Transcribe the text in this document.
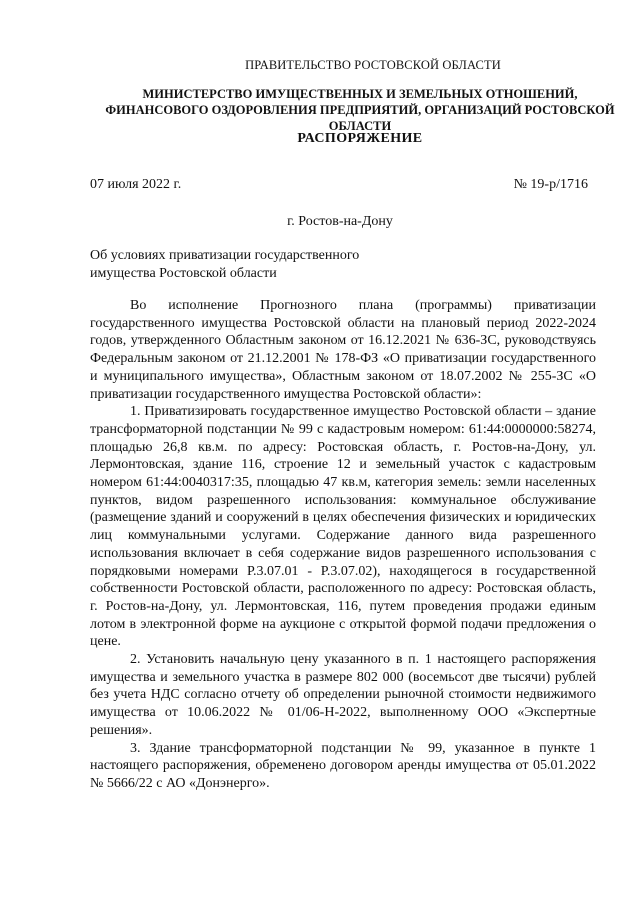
ПРАВИТЕЛЬСТВО РОСТОВСКОЙ ОБЛАСТИ
МИНИСТЕРСТВО ИМУЩЕСТВЕННЫХ И ЗЕМЕЛЬНЫХ ОТНОШЕНИЙ, ФИНАНСОВОГО ОЗДОРОВЛЕНИЯ ПРЕДПРИЯТИЙ, ОРГАНИЗАЦИЙ РОСТОВСКОЙ ОБЛАСТИ
РАСПОРЯЖЕНИЕ
07 июля 2022 г.	№ 19-р/1716
г. Ростов-на-Дону
Об условиях приватизации государственного имущества Ростовской области

Во исполнение Прогнозного плана (программы) приватизации государственного имущества Ростовской области на плановый период 2022-2024 годов, утвержденного Областным законом от 16.12.2021 № 636-ЗС, руководствуясь Федеральным законом от 21.12.2001 № 178-ФЗ «О приватизации государственного и муниципального имущества», Областным законом от 18.07.2002 № 255-ЗС «О приватизации государственного имущества Ростовской области»:

1. Приватизировать государственное имущество Ростовской области – здание трансформаторной подстанции № 99 с кадастровым номером: 61:44:0000000:58274, площадью 26,8 кв.м. по адресу: Ростовская область, г. Ростов-на-Дону, ул. Лермонтовская, здание 116, строение 12 и земельный участок с кадастровым номером 61:44:0040317:35, площадью 47 кв.м, категория земель: земли населенных пунктов, видом разрешенного использования: коммунальное обслуживание (размещение зданий и сооружений в целях обеспечения физических и юридических лиц коммунальными услугами. Содержание данного вида разрешенного использования включает в себя содержание видов разрешенного использования с порядковыми номерами Р.3.07.01 - Р.3.07.02), находящегося в государственной собственности Ростовской области, расположенного по адресу: Ростовская область, г. Ростов-на-Дону, ул. Лермонтовская, 116, путем проведения продажи единым лотом в электронной форме на аукционе с открытой формой подачи предложения о цене.

2. Установить начальную цену указанного в п. 1 настоящего распоряжения имущества и земельного участка в размере 802 000 (восемьсот две тысячи) рублей без учета НДС согласно отчету об определении рыночной стоимости недвижимого имущества от 10.06.2022 № 01/06-Н-2022, выполненному ООО «Экспертные решения».

3. Здание трансформаторной подстанции № 99, указанное в пункте 1 настоящего распоряжения, обременено договором аренды имущества от 05.01.2022 № 5666/22 с АО «Донэнерго».
